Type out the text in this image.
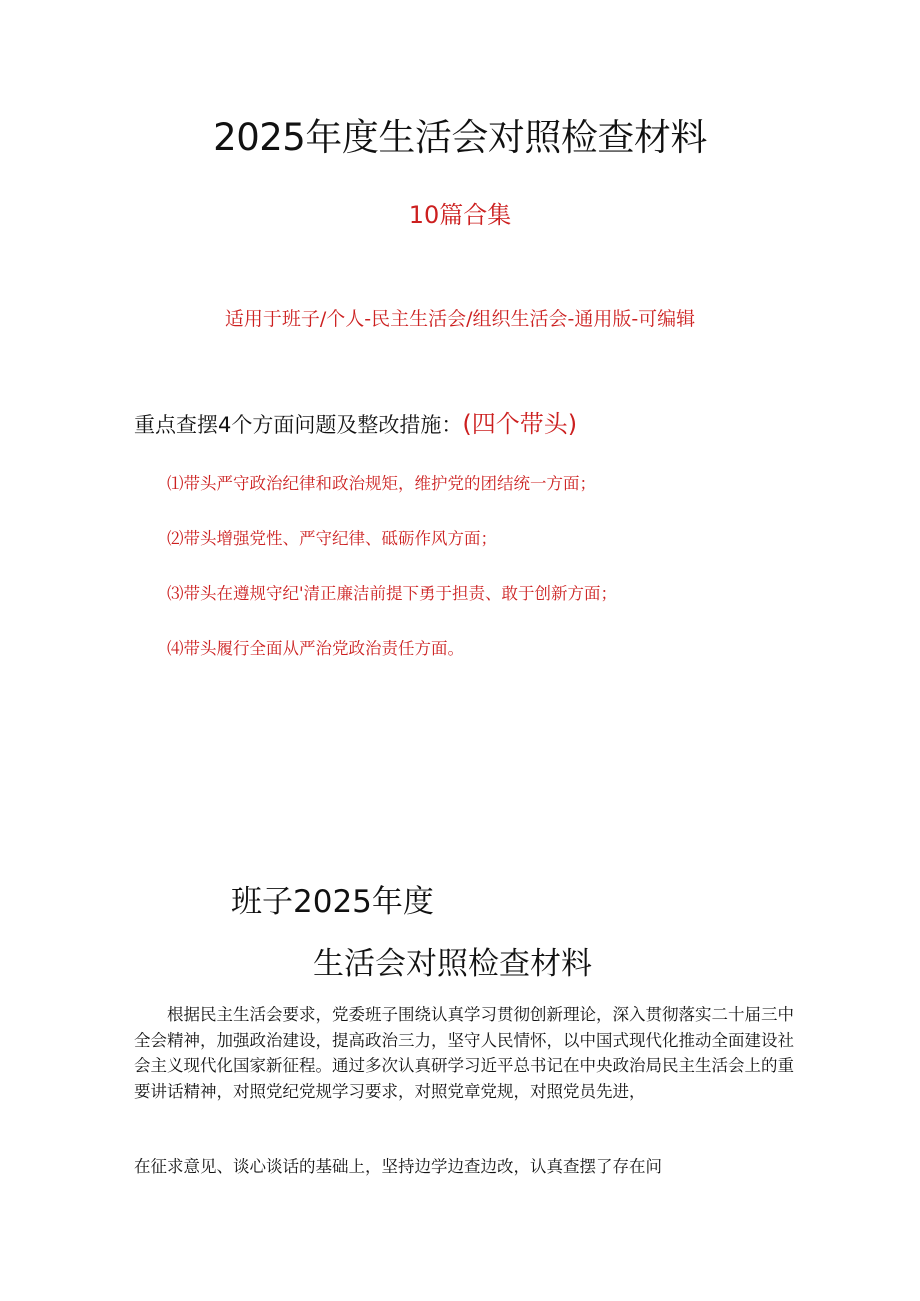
2025年度生活会对照检查材料
10篇合集
适用于班子/个人-民主生活会/组织生活会-通用版-可编辑
重点查摆4个方面问题及整改措施：(四个带头)
⑴带头严守政治纪律和政治规矩，维护党的团结统一方面；
⑵带头增强党性、严守纪律、砥砺作风方面；
⑶带头在遵规守纪'清正廉洁前提下勇于担责、敢于创新方面；
⑷带头履行全面从严治党政治责任方面。
班子2025年度
生活会对照检查材料
根据民主生活会要求，党委班子围绕认真学习贯彻创新理论，深入贯彻落实二十届三中全会精神，加强政治建设，提高政治三力，坚守人民情怀，以中国式现代化推动全面建设社会主义现代化国家新征程。通过多次认真研学习近平总书记在中央政治局民主生活会上的重要讲话精神，对照党纪党规学习要求，对照党章党规，对照党员先进，
在征求意见、谈心谈话的基础上，坚持边学边查边改，认真查摆了存在问
